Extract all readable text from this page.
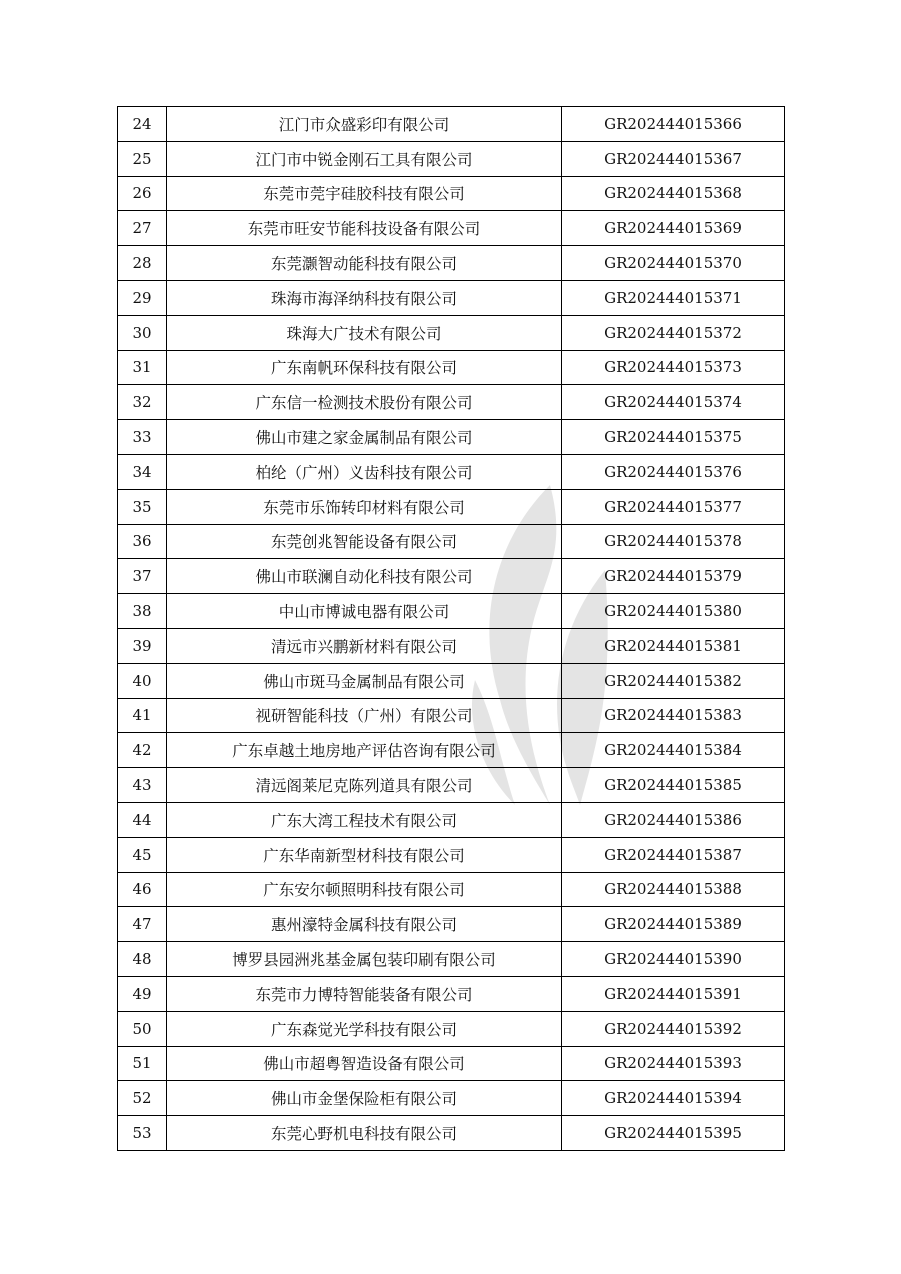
24	江门市众盛彩印有限公司	GR202444015366
25	江门市中锐金刚石工具有限公司	GR202444015367
26	东莞市莞宇硅胶科技有限公司	GR202444015368
27	东莞市旺安节能科技设备有限公司	GR202444015369
28	东莞灏智动能科技有限公司	GR202444015370
29	珠海市海泽纳科技有限公司	GR202444015371
30	珠海大广技术有限公司	GR202444015372
31	广东南帆环保科技有限公司	GR202444015373
32	广东信一检测技术股份有限公司	GR202444015374
33	佛山市建之家金属制品有限公司	GR202444015375
34	柏纶（广州）义齿科技有限公司	GR202444015376
35	东莞市乐饰转印材料有限公司	GR202444015377
36	东莞创兆智能设备有限公司	GR202444015378
37	佛山市联澜自动化科技有限公司	GR202444015379
38	中山市博诚电器有限公司	GR202444015380
39	清远市兴鹏新材料有限公司	GR202444015381
40	佛山市斑马金属制品有限公司	GR202444015382
41	视研智能科技（广州）有限公司	GR202444015383
42	广东卓越土地房地产评估咨询有限公司	GR202444015384
43	清远阁莱尼克陈列道具有限公司	GR202444015385
44	广东大湾工程技术有限公司	GR202444015386
45	广东华南新型材科技有限公司	GR202444015387
46	广东安尔顿照明科技有限公司	GR202444015388
47	惠州濠特金属科技有限公司	GR202444015389
48	博罗县园洲兆基金属包装印刷有限公司	GR202444015390
49	东莞市力博特智能装备有限公司	GR202444015391
50	广东森觉光学科技有限公司	GR202444015392
51	佛山市超粤智造设备有限公司	GR202444015393
52	佛山市金堡保险柜有限公司	GR202444015394
53	东莞心野机电科技有限公司	GR202444015395
